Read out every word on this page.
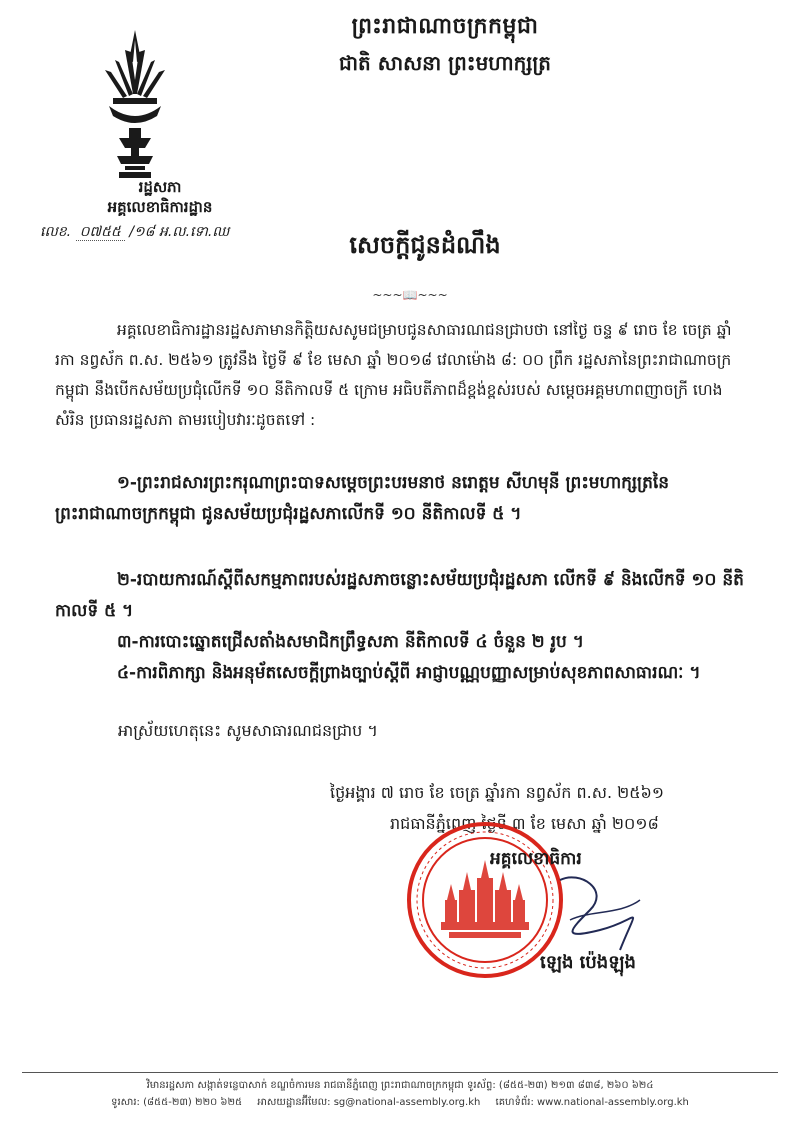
ព្រះរាជាណាចក្រកម្ពុជា
ជាតិ សាសនា ព្រះមហាក្សត្រ
រដ្ឋសភា
អគ្គលេខាធិការដ្ឋាន
លេខ. ០៧៥៥ /១៨ អ.ល.ទោ.ឈ	សេចក្តីជូនដំណឹង
~~~📖~~~
អគ្គលេខាធិការដ្ឋានរដ្ឋសភាមានកិត្តិយសសូមជម្រាបជូនសាធារណជនជ្រាបថា នៅថ្ងៃ ចន្ទ ៩ រោច ខែ ចេត្រ ឆ្នាំ រកា នព្វស័ក ព.ស. ២៥៦១ ត្រូវនឹង ថ្ងៃទី ៩ ខែ មេសា ឆ្នាំ ២០១៨ វេលាម៉ោង ៨: ០០ ព្រឹក រដ្ឋសភានៃព្រះរាជាណាចក្រកម្ពុជា នឹងបើកសម័យប្រជុំលើកទី ១០ នីតិកាលទី ៥ ក្រោម អធិបតីភាពដ៏ខ្ពង់ខ្ពស់របស់ សម្តេចអគ្គមហាពញាចក្រី ហេង សំរិន ប្រធានរដ្ឋសភា តាមរបៀបវារៈដូចតទៅ :
១-ព្រះរាជសារព្រះករុណាព្រះបាទសម្តេចព្រះបរមនាថ នរោត្តម សីហមុនី ព្រះមហាក្សត្រនៃព្រះរាជាណាចក្រកម្ពុជា ជូនសម័យប្រជុំរដ្ឋសភាលើកទី ១០ នីតិកាលទី ៥ ។
២-របាយការណ៍ស្តីពីសកម្មភាពរបស់រដ្ឋសភាចន្លោះសម័យប្រជុំរដ្ឋសភា លើកទី ៩ និងលើកទី ១០ នីតិកាលទី ៥ ។
៣-ការបោះឆ្នោតជ្រើសតាំងសមាជិកព្រឹទ្ធសភា នីតិកាលទី ៤ ចំនួន ២ រូប ។
៤-ការពិភាក្សា និងអនុម័តសេចក្តីព្រាងច្បាប់ស្តីពី អាជ្ញាបណ្ណបញ្ញាសម្រាប់សុខភាពសាធារណៈ ។
អាស្រ័យហេតុនេះ សូមសាធារណជនជ្រាប ។
ថ្ងៃអង្គារ ៧ រោច ខែ ចេត្រ ឆ្នាំរកា នព្វស័ក ព.ស. ២៥៦១
រាជធានីភ្នំពេញ ថ្ងៃទី ៣ ខែ មេសា ឆ្នាំ ២០១៨
អគ្គលេខាធិការ
ឡេង ប៉េងឡុង
វិមានរដ្ឋសភា សង្កាត់ទន្លេបាសាក់ ខណ្ឌចំការមន រាជធានីភ្នំពេញ ព្រះរាជាណាចក្រកម្ពុជា ទូរស័ព្ទ: (៨៥៥-២៣) ២១៣ ៨៣៨, ២៦០ ៦២៤
ទូរសារ: (៨៥៥-២៣) ២២០ ៦២៥ អាសយដ្ឋានអ៊ីមែល: sg@national-assembly.org.kh គេហទំព័រ: www.national-assembly.org.kh
